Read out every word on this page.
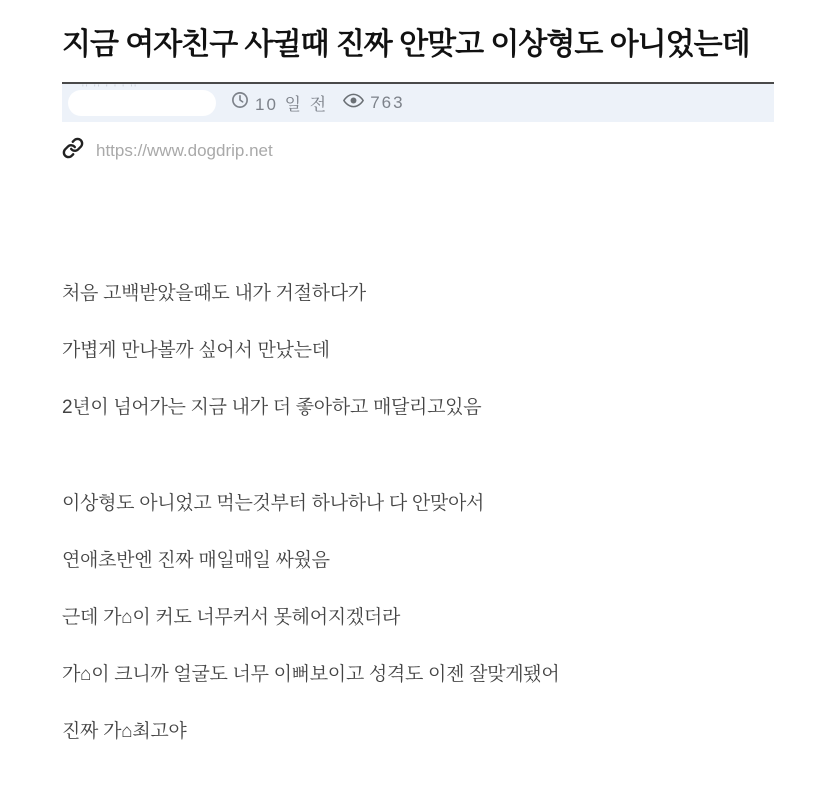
지금 여자친구 사귈때 진짜 안맞고 이상형도 아니었는데
'' '' ' ' ' ''
10 일 전 763
https://www.dogdrip.net

처음 고백받았을때도 내가 거절하다가

가볍게 만나볼까 싶어서 만났는데

2년이 넘어가는 지금 내가 더 좋아하고 매달리고있음

이상형도 아니었고 먹는것부터 하나하나 다 안맞아서

연애초반엔 진짜 매일매일 싸웠음

근데 가⌂이 커도 너무커서 못헤어지겠더라

가⌂이 크니까 얼굴도 너무 이뻐보이고 성격도 이젠 잘맞게됐어

진짜 가⌂최고야
